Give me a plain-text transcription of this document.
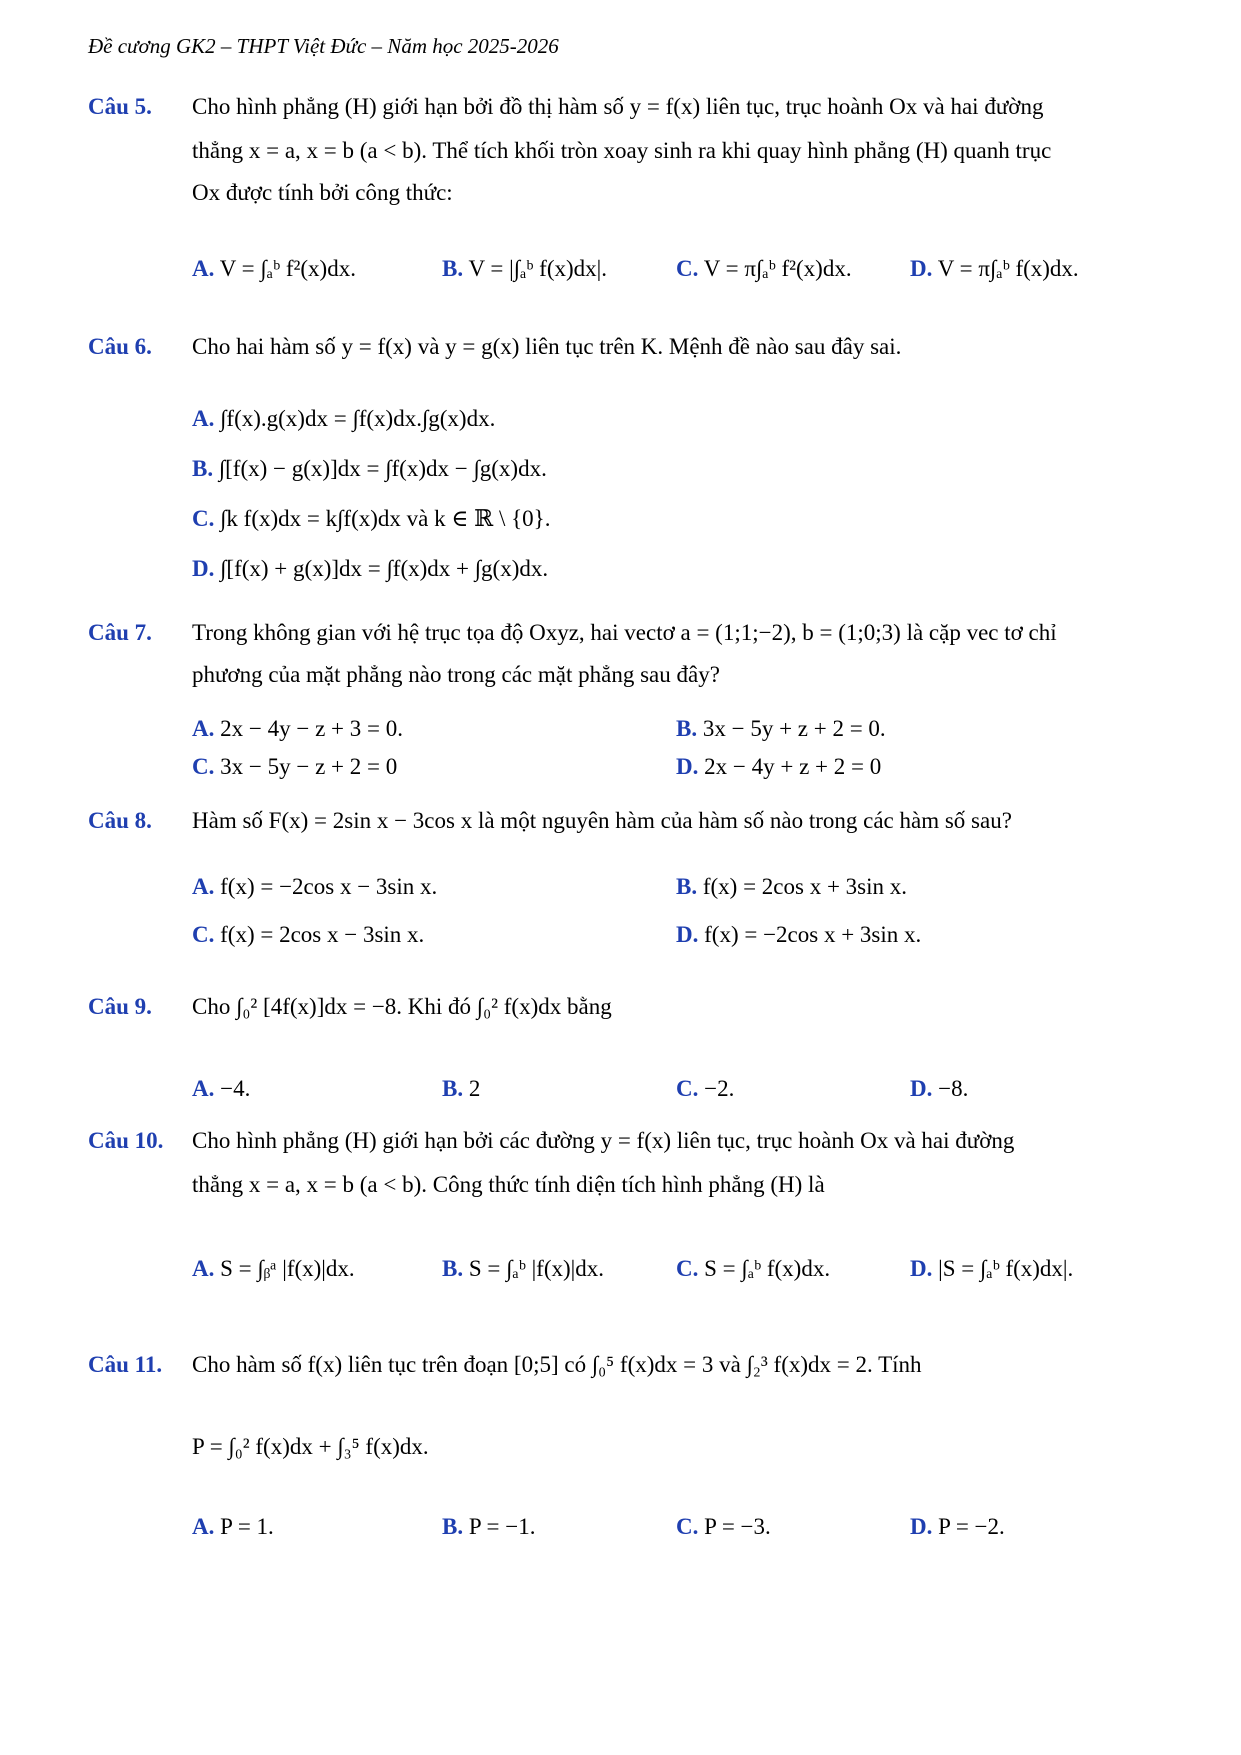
Đề cương GK2 – THPT Việt Đức – Năm học 2025-2026
Câu 5. Cho hình phẳng (H) giới hạn bởi đồ thị hàm số y = f(x) liên tục, trục hoành Ox và hai đường
thẳng x = a, x = b (a < b). Thể tích khối tròn xoay sinh ra khi quay hình phẳng (H) quanh trục
Ox được tính bởi công thức:
A. V = ∫ₐᵇ f²(x)dx.	B. V = |∫ₐᵇ f(x)dx|.	C. V = π∫ₐᵇ f²(x)dx.	D. V = π∫ₐᵇ f(x)dx.
Câu 6. Cho hai hàm số y = f(x) và y = g(x) liên tục trên K. Mệnh đề nào sau đây sai.
A. ∫f(x).g(x)dx = ∫f(x)dx.∫g(x)dx.
B. ∫[f(x) − g(x)]dx = ∫f(x)dx − ∫g(x)dx.
C. ∫k f(x)dx = k∫f(x)dx và k ∈ ℝ \ {0}.
D. ∫[f(x) + g(x)]dx = ∫f(x)dx + ∫g(x)dx.
Câu 7. Trong không gian với hệ trục tọa độ Oxyz, hai vectơ a = (1;1;−2), b = (1;0;3) là cặp vec tơ chỉ
phương của mặt phẳng nào trong các mặt phẳng sau đây?
A. 2x − 4y − z + 3 = 0.	B. 3x − 5y + z + 2 = 0.
C. 3x − 5y − z + 2 = 0	D. 2x − 4y + z + 2 = 0
Câu 8. Hàm số F(x) = 2sin x − 3cos x là một nguyên hàm của hàm số nào trong các hàm số sau?
A. f(x) = −2cos x − 3sin x.	B. f(x) = 2cos x + 3sin x.
C. f(x) = 2cos x − 3sin x.	D. f(x) = −2cos x + 3sin x.
Câu 9. Cho ∫₀² [4f(x)]dx = −8. Khi đó ∫₀² f(x)dx bằng
A. −4.	B. 2	C. −2.	D. −8.
Câu 10. Cho hình phẳng (H) giới hạn bởi các đường y = f(x) liên tục, trục hoành Ox và hai đường
thẳng x = a, x = b (a < b). Công thức tính diện tích hình phẳng (H) là
A. S = ∫ᵦᵃ |f(x)|dx.	B. S = ∫ₐᵇ |f(x)|dx.	C. S = ∫ₐᵇ f(x)dx.	D. |S = ∫ₐᵇ f(x)dx|.
Câu 11. Cho hàm số f(x) liên tục trên đoạn [0;5] có ∫₀⁵ f(x)dx = 3 và ∫₂³ f(x)dx = 2. Tính
P = ∫₀² f(x)dx + ∫₃⁵ f(x)dx.
A. P = 1.	B. P = −1.	C. P = −3.	D. P = −2.
